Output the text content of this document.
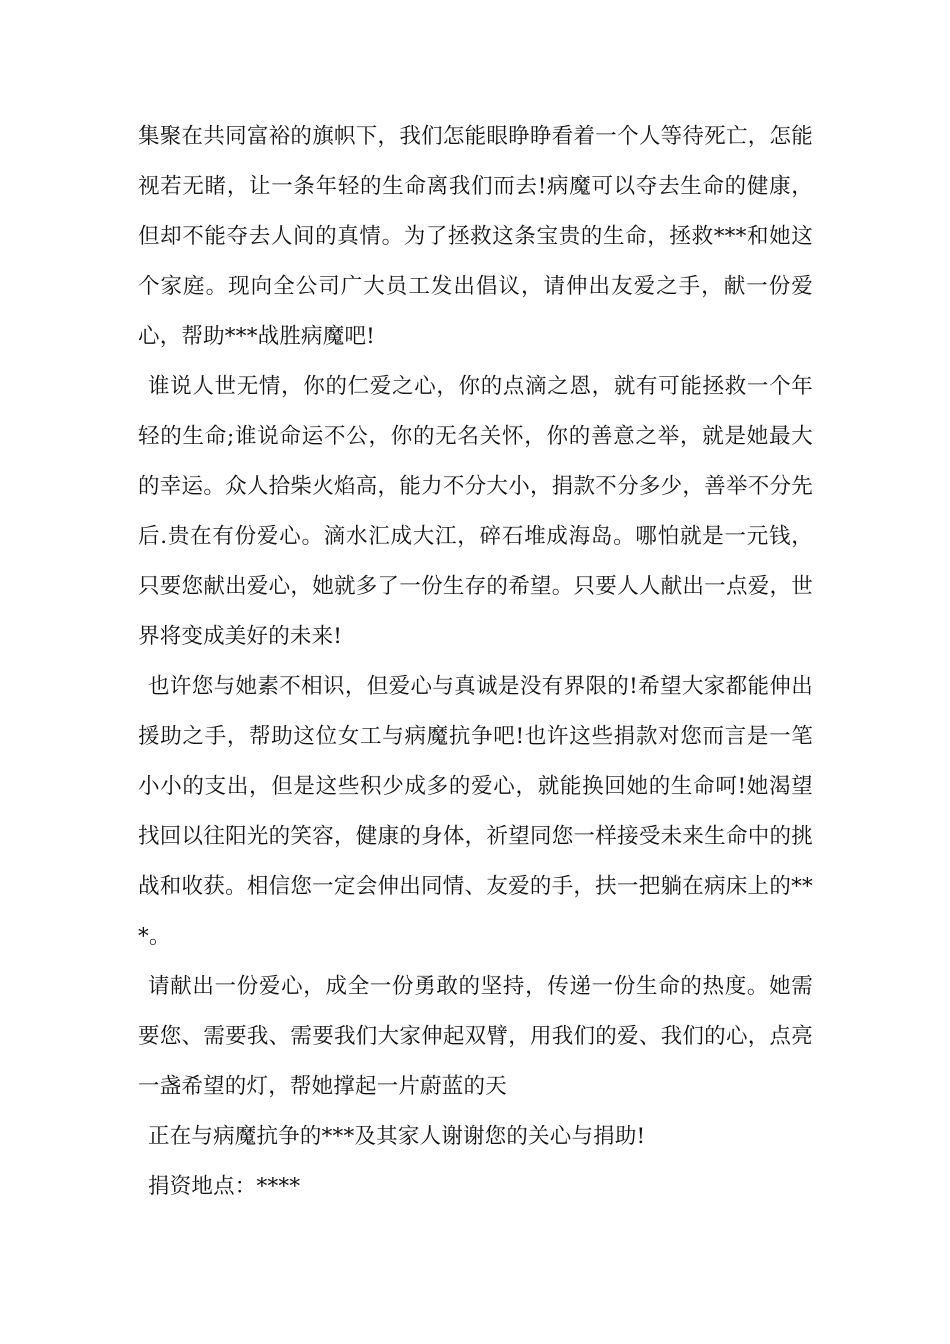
集聚在共同富裕的旗帜下，我们怎能眼睁睁看着一个人等待死亡，怎能视若无睹，让一条年轻的生命离我们而去!病魔可以夺去生命的健康，但却不能夺去人间的真情。为了拯救这条宝贵的生命，拯救***和她这个家庭。现向全公司广大员工发出倡议，请伸出友爱之手，献一份爱心，帮助***战胜病魔吧!

谁说人世无情，你的仁爱之心，你的点滴之恩，就有可能拯救一个年轻的生命;谁说命运不公，你的无名关怀，你的善意之举，就是她最大的幸运。众人拾柴火焰高，能力不分大小，捐款不分多少，善举不分先后.贵在有份爱心。滴水汇成大江，碎石堆成海岛。哪怕就是一元钱，只要您献出爱心，她就多了一份生存的希望。只要人人献出一点爱，世界将变成美好的未来!

也许您与她素不相识，但爱心与真诚是没有界限的!希望大家都能伸出援助之手，帮助这位女工与病魔抗争吧!也许这些捐款对您而言是一笔小小的支出，但是这些积少成多的爱心，就能换回她的生命呵!她渴望找回以往阳光的笑容，健康的身体，祈望同您一样接受未来生命中的挑战和收获。相信您一定会伸出同情、友爱的手，扶一把躺在病床上的***。

请献出一份爱心，成全一份勇敢的坚持，传递一份生命的热度。她需要您、需要我、需要我们大家伸起双臂，用我们的爱、我们的心，点亮一盏希望的灯，帮她撑起一片蔚蓝的天

正在与病魔抗争的***及其家人谢谢您的关心与捐助!

捐资地点：****
